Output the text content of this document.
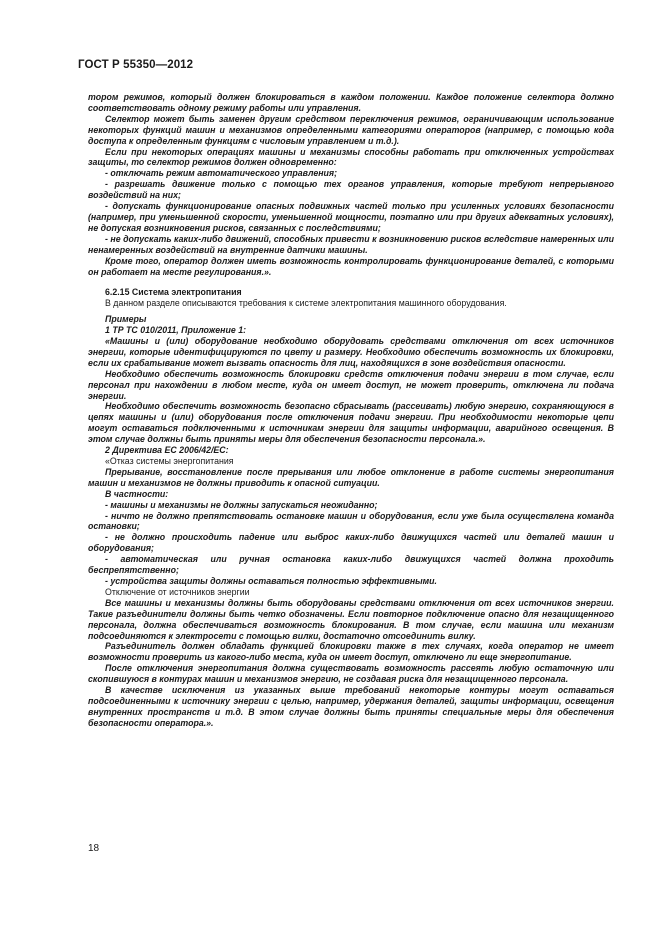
ГОСТ Р 55350—2012

тором режимов, который должен блокироваться в каждом положении. Каждое положение селектора должно соответствовать одному режиму работы или управления.

Селектор может быть заменен другим средством переключения режимов, ограничивающим использование некоторых функций машин и механизмов определенными категориями операторов (например, с помощью кода доступа к определенным функциям с числовым управлением и т.д.).

Если при некоторых операциях машины и механизмы способны работать при отключенных устройствах защиты, то селектор режимов должен одновременно:

- отключать режим автоматического управления;

- разрешать движение только с помощью тех органов управления, которые требуют непрерывного воздействий на них;

- допускать функционирование опасных подвижных частей только при усиленных условиях безопасности (например, при уменьшенной скорости, уменьшенной мощности, поэтапно или при других адекватных условиях), не допуская возникновения рисков, связанных с последствиями;

- не допускать каких-либо движений, способных привести к возникновению рисков вследствие намеренных или ненамеренных воздействий на внутренние датчики машины.

Кроме того, оператор должен иметь возможность контролировать функционирование деталей, с которыми он работает на месте регулирования.».

6.2.15 Система электропитания

В данном разделе описываются требования к системе электропитания машинного оборудования.

Примеры

1 ТР ТС 010/2011, Приложение 1:

«Машины и (или) оборудование необходимо оборудовать средствами отключения от всех источников энергии, которые идентифицируются по цвету и размеру. Необходимо обеспечить возможность их блокировки, если их срабатывание может вызвать опасность для лиц, находящихся в зоне воздействия опасности.

Необходимо обеспечить возможность блокировки средств отключения подачи энергии в том случае, если персонал при нахождении в любом месте, куда он имеет доступ, не может проверить, отключена ли подача энергии.

Необходимо обеспечить возможность безопасно сбрасывать (рассеивать) любую энергию, сохраняющуюся в цепях машины и (или) оборудования после отключения подачи энергии. При необходимости некоторые цепи могут оставаться подключенными к источникам энергии для защиты информации, аварийного освещения. В этом случае должны быть приняты меры для обеспечения безопасности персонала.».

2 Директива ЕС 2006/42/EC:

«Отказ системы энергопитания

Прерывание, восстановление после прерывания или любое отклонение в работе системы энергопитания машин и механизмов не должны приводить к опасной ситуации.

В частности:

- машины и механизмы не должны запускаться неожиданно;

- ничто не должно препятствовать остановке машин и оборудования, если уже была осуществлена команда остановки;

- не должно происходить падение или выброс каких-либо движущихся частей или деталей машин и оборудования;

- автоматическая или ручная остановка каких-либо движущихся частей должна проходить беспрепятственно;

- устройства защиты должны оставаться полностью эффективными.

Отключение от источников энергии

Все машины и механизмы должны быть оборудованы средствами отключения от всех источников энергии. Такие разъединители должны быть четко обозначены. Если повторное подключение опасно для незащищенного персонала, должна обеспечиваться возможность блокирования. В том случае, если машина или механизм подсоединяются к электросети с помощью вилки, достаточно отсоединить вилку.

Разъединитель должен обладать функцией блокировки также в тех случаях, когда оператор не имеет возможности проверить из какого-либо места, куда он имеет доступ, отключено ли еще энергопитание.

После отключения энергопитания должна существовать возможность рассеять любую остаточную или скопившуюся в контурах машин и механизмов энергию, не создавая риска для незащищенного персонала.

В качестве исключения из указанных выше требований некоторые контуры могут оставаться подсоединенными к источнику энергии с целью, например, удержания деталей, защиты информации, освещения внутренних пространств и т.д. В этом случае должны быть приняты специальные меры для обеспечения безопасности оператора.».

18
